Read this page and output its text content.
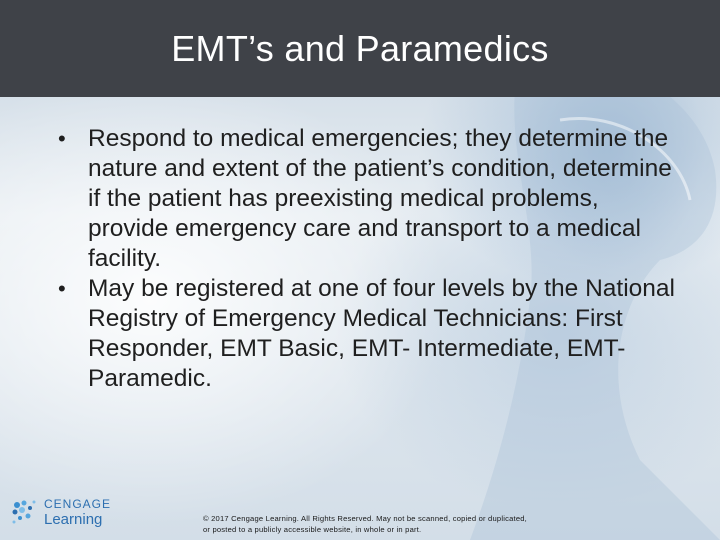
EMT’s and Paramedics
• Respond to medical emergencies; they determine the nature and extent of the patient’s condition, determine if the patient has preexisting medical problems, provide emergency care and transport to a medical facility.
• May be registered at one of four levels by the National Registry of Emergency Medical Technicians: First Responder, EMT Basic, EMT- Intermediate, EMT- Paramedic.
CENGAGE
Learning	© 2017 Cengage Learning. All Rights Reserved. May not be scanned, copied or duplicated, or posted to a publicly accessible website, in whole or in part.
